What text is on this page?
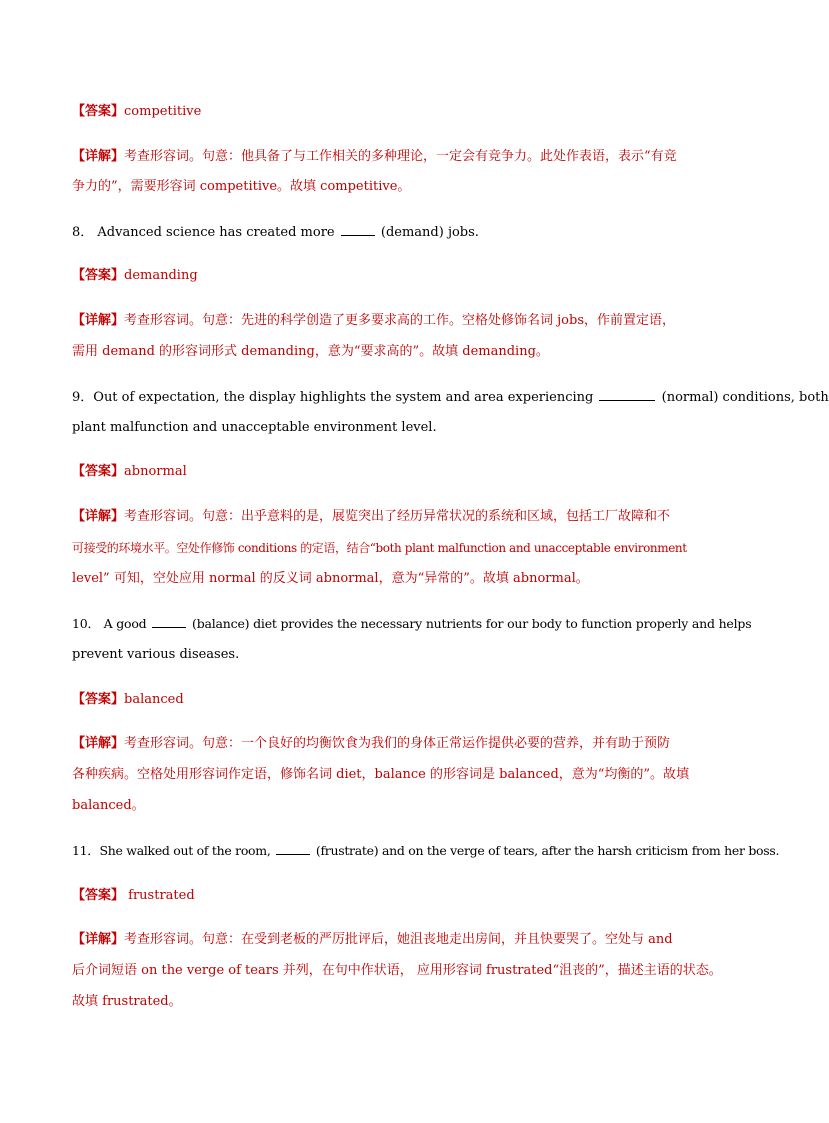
【答案】competitive
【详解】考查形容词。句意：他具备了与工作相关的多种理论，一定会有竞争力。此处作表语，表示“有竞
争力的”，需要形容词 competitive。故填 competitive。
8． Advanced science has created more	(demand) jobs.
【答案】demanding
【详解】考查形容词。句意：先进的科学创造了更多要求高的工作。空格处修饰名词 jobs，作前置定语，
需用 demand 的形容词形式 demanding，意为“要求高的”。故填 demanding。
9．Out of expectation, the display highlights the system and area experiencing	(normal) conditions, both
plant malfunction and unacceptable environment level.
【答案】abnormal
【详解】考查形容词。句意：出乎意料的是，展览突出了经历异常状况的系统和区域，包括工厂故障和不
可接受的环境水平。空处作修饰 conditions 的定语，结合“both plant malfunction and unacceptable environment
level” 可知，空处应用 normal 的反义词 abnormal，意为“异常的”。故填 abnormal。
10． A good	(balance) diet provides the necessary nutrients for our body to function properly and helps
prevent various diseases.
【答案】balanced
【详解】考查形容词。句意：一个良好的均衡饮食为我们的身体正常运作提供必要的营养，并有助于预防
各种疾病。空格处用形容词作定语，修饰名词 diet，balance 的形容词是 balanced，意为“均衡的”。故填
balanced。
11．She walked out of the room,	(frustrate) and on the verge of tears, after the harsh criticism from her boss.
【答案】 frustrated
【详解】考查形容词。句意：在受到老板的严厉批评后，她沮丧地走出房间，并且快要哭了。空处与 and
后介词短语 on the verge of tears 并列，在句中作状语， 应用形容词 frustrated“沮丧的”，描述主语的状态。
故填 frustrated。
